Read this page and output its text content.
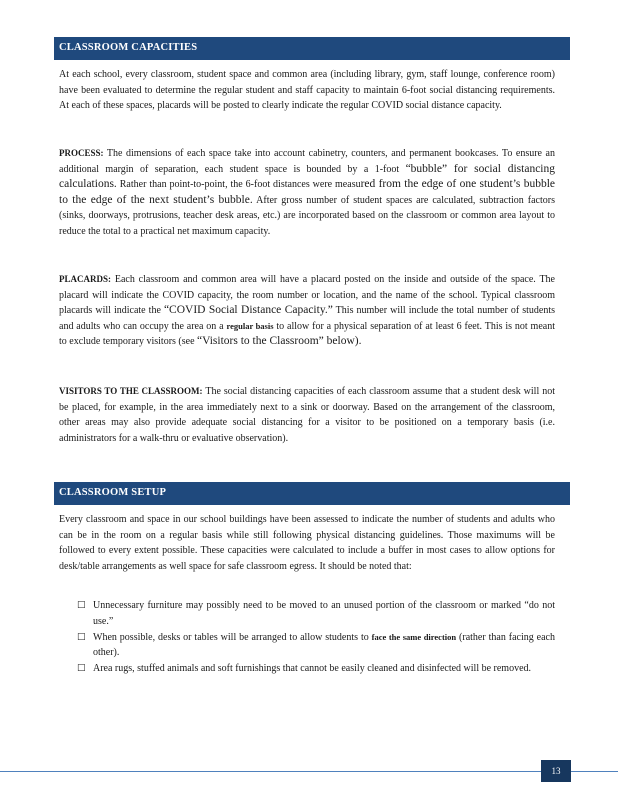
CLASSROOM CAPACITIES
At each school, every classroom, student space and common area (including library, gym, staff lounge, conference room) have been evaluated to determine the regular student and staff capacity to maintain 6-foot social distancing requirements. At each of these spaces, placards will be posted to clearly indicate the regular COVID social distance capacity.
PROCESS: The dimensions of each space take into account cabinetry, counters, and permanent bookcases. To ensure an additional margin of separation, each student space is bounded by a 1-foot “bubble” for social distancing calculations. Rather than point-to-point, the 6-foot distances were measured from the edge of one student’s bubble to the edge of the next student’s bubble. After gross number of student spaces are calculated, subtraction factors (sinks, doorways, protrusions, teacher desk areas, etc.) are incorporated based on the classroom or common area layout to reduce the total to a practical net maximum capacity.
PLACARDS: Each classroom and common area will have a placard posted on the inside and outside of the space. The placard will indicate the COVID capacity, the room number or location, and the name of the school. Typical classroom placards will indicate the “COVID Social Distance Capacity.” This number will include the total number of students and adults who can occupy the area on a regular basis to allow for a physical separation of at least 6 feet. This is not meant to exclude temporary visitors (see “Visitors to the Classroom” below).
VISITORS TO THE CLASSROOM: The social distancing capacities of each classroom assume that a student desk will not be placed, for example, in the area immediately next to a sink or doorway. Based on the arrangement of the classroom, other areas may also provide adequate social distancing for a visitor to be positioned on a temporary basis (i.e. administrators for a walk-thru or evaluative observation).
CLASSROOM SETUP
Every classroom and space in our school buildings have been assessed to indicate the number of students and adults who can be in the room on a regular basis while still following physical distancing guidelines. Those maximums will be followed to every extent possible. These capacities were calculated to include a buffer in most cases to allow options for desk/table arrangements as well space for safe classroom egress. It should be noted that:
□ Unnecessary furniture may possibly need to be moved to an unused portion of the classroom or marked “do not use.”
□ When possible, desks or tables will be arranged to allow students to face the same direction (rather than facing each other).
□ Area rugs, stuffed animals and soft furnishings that cannot be easily cleaned and disinfected will be removed.
13
